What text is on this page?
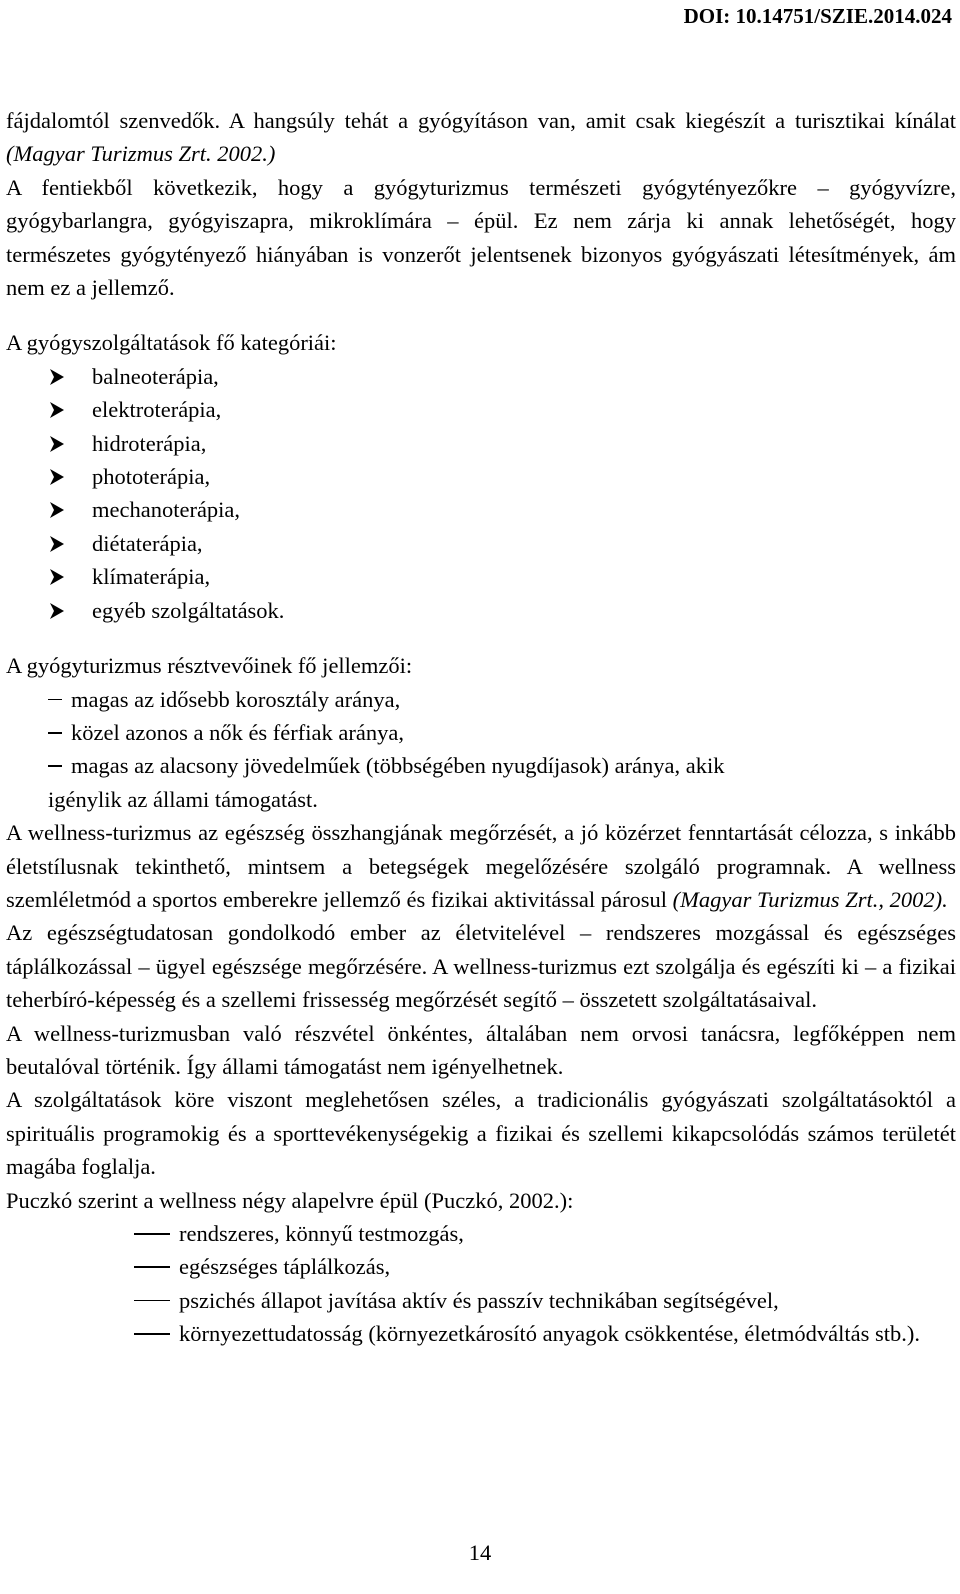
DOI: 10.14751/SZIE.2014.024

fájdalomtól szenvedők. A hangsúly tehát a gyógyításon van, amit csak kiegészít a turisztikai kínálat (Magyar Turizmus Zrt. 2002.)

A fentiekből következik, hogy a gyógyturizmus természeti gyógytényezőkre – gyógyvízre, gyógybarlangra, gyógyiszapra, mikroklímára – épül. Ez nem zárja ki annak lehetőségét, hogy természetes gyógytényező hiányában is vonzerőt jelentsenek bizonyos gyógyászati létesítmények, ám nem ez a jellemző.

A gyógyszolgáltatások fő kategóriái:
balneoterápia,
elektroterápia,
hidroterápia,
phototerápia,
mechanoterápia,
diétaterápia,
klímaterápia,
egyéb szolgáltatások.
A gyógyturizmus résztvevőinek fő jellemzői:
magas az idősebb korosztály aránya,
közel azonos a nők és férfiak aránya,
magas az alacsony jövedelműek (többségében nyugdíjasok) aránya, akik
igénylik az állami támogatást.

A wellness-turizmus az egészség összhangjának megőrzését, a jó közérzet fenntartását célozza, s inkább életstílusnak tekinthető, mintsem a betegségek megelőzésére szolgáló programnak. A wellness szemléletmód a sportos emberekre jellemző és fizikai aktivitással párosul (Magyar Turizmus Zrt., 2002).

Az egészségtudatosan gondolkodó ember az életvitelével – rendszeres mozgással és egészséges táplálkozással – ügyel egészsége megőrzésére. A wellness-turizmus ezt szolgálja és egészíti ki – a fizikai teherbíró-képesség és a szellemi frissesség megőrzését segítő – összetett szolgáltatásaival.

A wellness-turizmusban való részvétel önkéntes, általában nem orvosi tanácsra, legfőképpen nem beutalóval történik. Így állami támogatást nem igényelhetnek.

A szolgáltatások köre viszont meglehetősen széles, a tradicionális gyógyászati szolgáltatásoktól a spirituális programokig és a sporttevékenységekig a fizikai és szellemi kikapcsolódás számos területét magába foglalja.

Puczkó szerint a wellness négy alapelvre épül (Puczkó, 2002.):
rendszeres, könnyű testmozgás,
egészséges táplálkozás,
pszichés állapot javítása aktív és passzív technikában segítségével,
környezettudatosság (környezetkárosító anyagok csökkentése, életmódváltás stb.).
14
